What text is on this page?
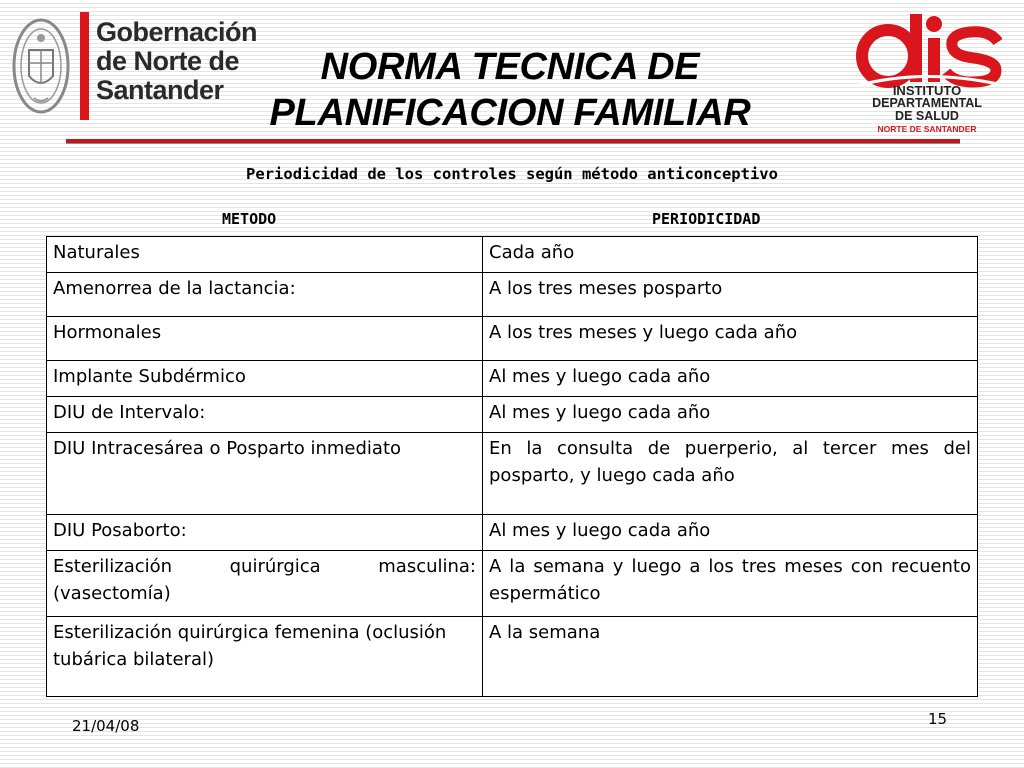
Gobernación
de Norte de
Santander
NORMA TECNICA DE
PLANIFICACION FAMILIAR
INSTITUTO
DEPARTAMENTAL
DE SALUD
NORTE DE SANTANDER
Periodicidad de los controles según método anticonceptivo
METODO	PERIODICIDAD
Naturales	Cada año
Amenorrea de la lactancia:	A los tres meses posparto
Hormonales	A los tres meses y luego cada año
Implante Subdérmico	Al mes y luego cada año
DIU de Intervalo:	Al mes y luego cada año
DIU Intracesárea o Posparto inmediato	En la consulta de puerperio, al tercer mes del posparto, y luego cada año
DIU Posaborto:	Al mes y luego cada año
Esterilización quirúrgica masculina: (vasectomía)	A la semana y luego a los tres meses con recuento espermático
Esterilización quirúrgica femenina (oclusión tubárica bilateral)	A la semana
21/04/08	15
